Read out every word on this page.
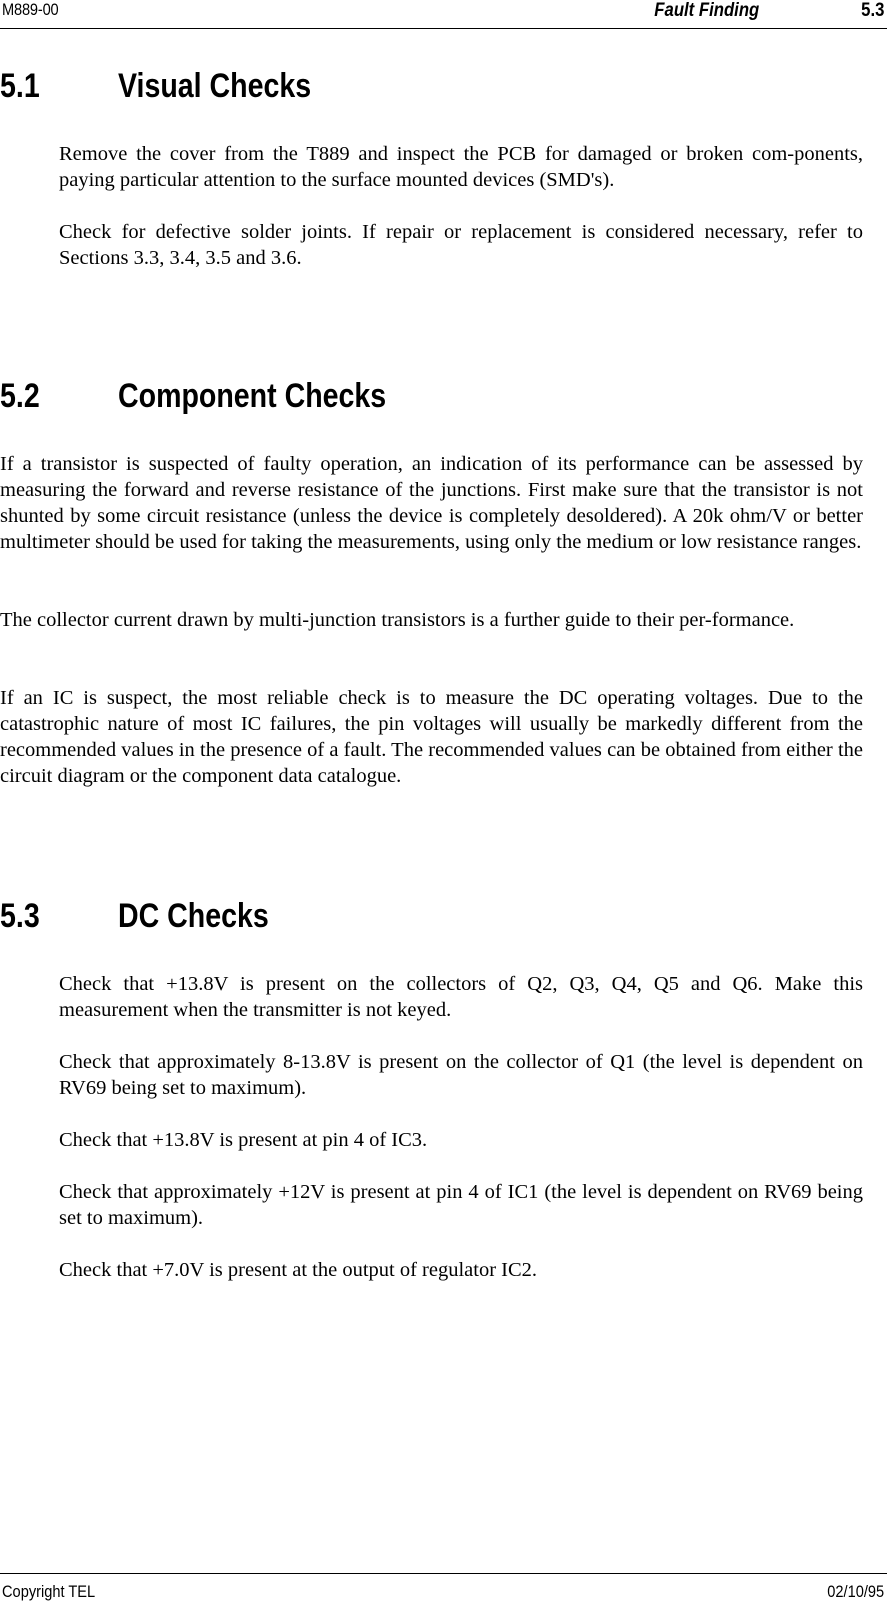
M889-00	Fault Finding	5.3
5.1 Visual Checks

Remove the cover from the T889 and inspect the PCB for damaged or broken com-ponents, paying particular attention to the surface mounted devices (SMD's).

Check for defective solder joints. If repair or replacement is considered necessary, refer to Sections 3.3, 3.4, 3.5 and 3.6.

5.2 Component Checks

If a transistor is suspected of faulty operation, an indication of its performance can be assessed by measuring the forward and reverse resistance of the junctions. First make sure that the transistor is not shunted by some circuit resistance (unless the device is completely desoldered). A 20k ohm/V or better multimeter should be used for taking the measurements, using only the medium or low resistance ranges.

The collector current drawn by multi-junction transistors is a further guide to their per-formance.

If an IC is suspect, the most reliable check is to measure the DC operating voltages. Due to the catastrophic nature of most IC failures, the pin voltages will usually be markedly different from the recommended values in the presence of a fault. The recommended values can be obtained from either the circuit diagram or the component data catalogue.

5.3 DC Checks

Check that +13.8V is present on the collectors of Q2, Q3, Q4, Q5 and Q6. Make this measurement when the transmitter is not keyed.

Check that approximately 8-13.8V is present on the collector of Q1 (the level is dependent on RV69 being set to maximum).

Check that +13.8V is present at pin 4 of IC3.

Check that approximately +12V is present at pin 4 of IC1 (the level is dependent on RV69 being set to maximum).

Check that +7.0V is present at the output of regulator IC2.

Copyright TEL	02/10/95
